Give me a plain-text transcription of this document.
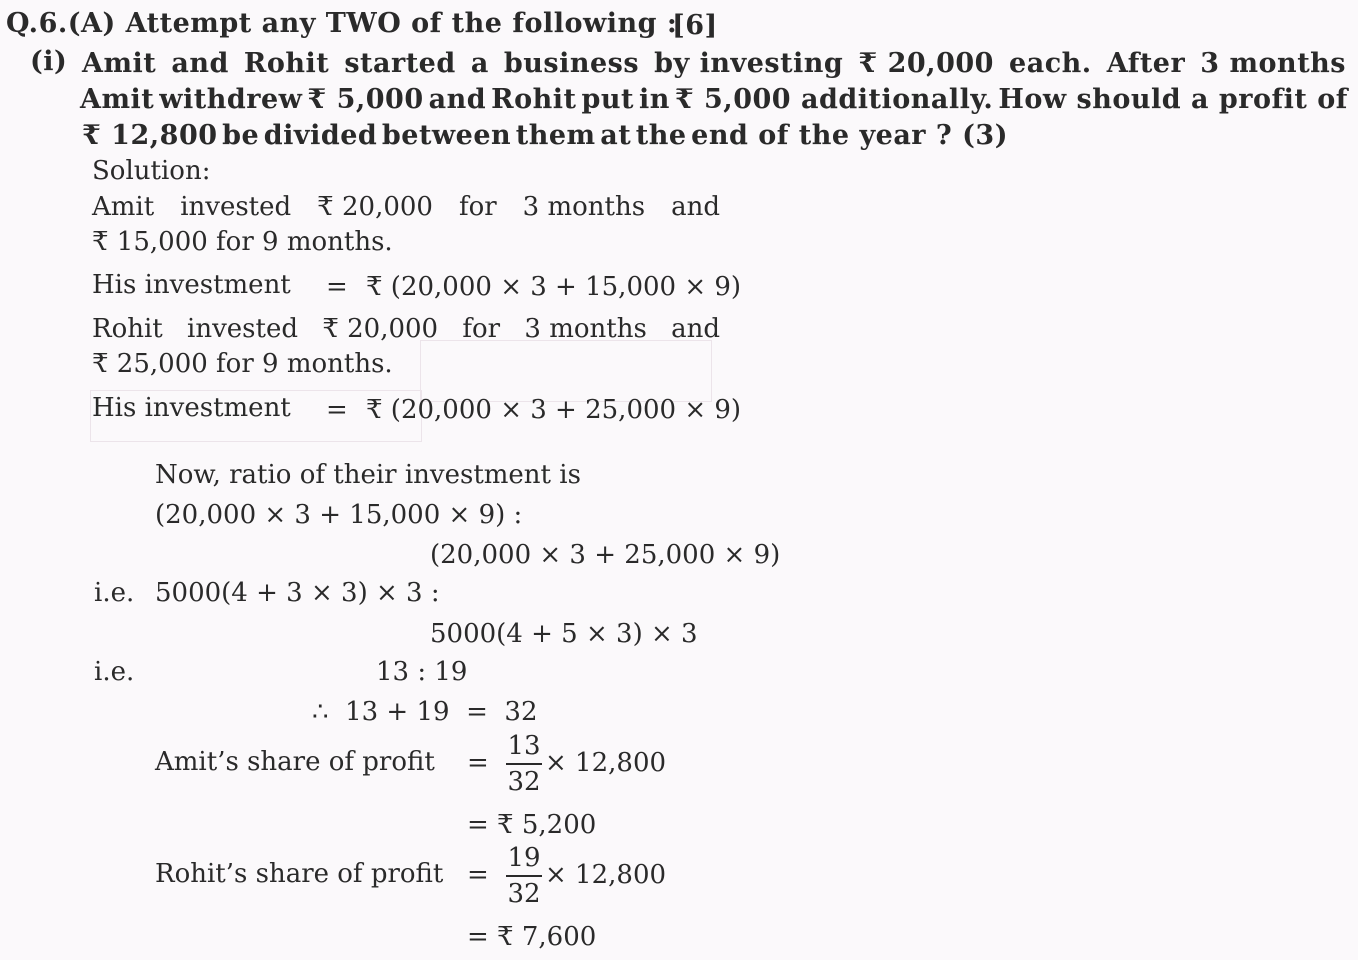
Q.6.(A) Attempt any TWO of the following :
[6]
(i) Amit and Rohit started a business by investing ₹ 20,000 each. After 3 months
Amit withdrew ₹ 5,000 and Rohit put in ₹ 5,000 additionally. How should a profit of
₹ 12,800 be divided between them at the end of the year ? (3)
Solution:
Amit invested ₹ 20,000 for 3 months and
₹ 15,000 for 9 months.
His investment = ₹ (20,000 × 3 + 15,000 × 9)
Rohit invested ₹ 20,000 for 3 months and
₹ 25,000 for 9 months.
His investment = ₹ (20,000 × 3 + 25,000 × 9)
Now, ratio of their investment is
(20,000 × 3 + 15,000 × 9) :
(20,000 × 3 + 25,000 × 9)
i.e. 5000(4 + 3 × 3) × 3 :
5000(4 + 5 × 3) × 3
i.e.	13 : 19
∴  13 + 19  =  32
Amit’s share of profit =
13
32
× 12,800
= ₹ 5,200
Rohit’s share of profit =
19
32
× 12,800
= ₹ 7,600
